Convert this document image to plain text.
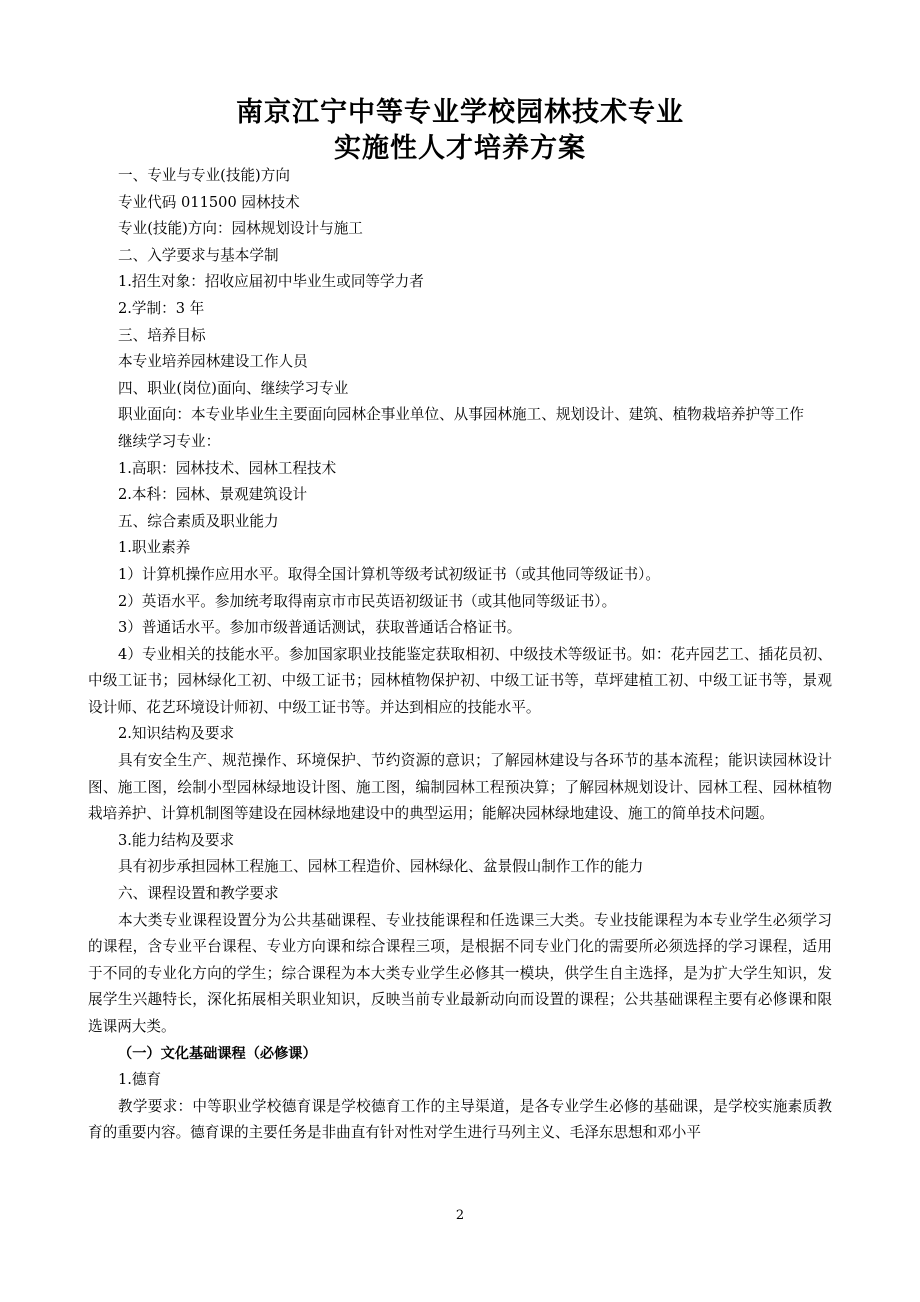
南京江宁中等专业学校园林技术专业
实施性人才培养方案

一、专业与专业(技能)方向

专业代码 011500 园林技术

专业(技能)方向：园林规划设计与施工

二、入学要求与基本学制

1.招生对象：招收应届初中毕业生或同等学力者

2.学制：3 年

三、培养目标

本专业培养园林建设工作人员

四、职业(岗位)面向、继续学习专业

职业面向：本专业毕业生主要面向园林企事业单位、从事园林施工、规划设计、建筑、植物栽培养护等工作

继续学习专业：

1.高职：园林技术、园林工程技术

2.本科：园林、景观建筑设计

五、综合素质及职业能力

1.职业素养

1）计算机操作应用水平。取得全国计算机等级考试初级证书（或其他同等级证书）。

2）英语水平。参加统考取得南京市市民英语初级证书（或其他同等级证书）。

3）普通话水平。参加市级普通话测试，获取普通话合格证书。

4）专业相关的技能水平。参加国家职业技能鉴定获取相初、中级技术等级证书。如：花卉园艺工、插花员初、中级工证书；园林绿化工初、中级工证书；园林植物保护初、中级工证书等，草坪建植工初、中级工证书等，景观设计师、花艺环境设计师初、中级工证书等。并达到相应的技能水平。

2.知识结构及要求

具有安全生产、规范操作、环境保护、节约资源的意识；了解园林建设与各环节的基本流程；能识读园林设计图、施工图，绘制小型园林绿地设计图、施工图，编制园林工程预决算；了解园林规划设计、园林工程、园林植物栽培养护、计算机制图等建设在园林绿地建设中的典型运用；能解决园林绿地建设、施工的简单技术问题。

3.能力结构及要求

具有初步承担园林工程施工、园林工程造价、园林绿化、盆景假山制作工作的能力

六、课程设置和教学要求

本大类专业课程设置分为公共基础课程、专业技能课程和任选课三大类。专业技能课程为本专业学生必须学习的课程，含专业平台课程、专业方向课和综合课程三项，是根据不同专业门化的需要所必须选择的学习课程，适用于不同的专业化方向的学生；综合课程为本大类专业学生必修其一模块，供学生自主选择，是为扩大学生知识，发展学生兴趣特长，深化拓展相关职业知识，反映当前专业最新动向而设置的课程；公共基础课程主要有必修课和限选课两大类。

（一）文化基础课程（必修课）

1.德育

教学要求：中等职业学校德育课是学校德育工作的主导渠道，是各专业学生必修的基础课，是学校实施素质教育的重要内容。德育课的主要任务是非曲直有针对性对学生进行马列主义、毛泽东思想和邓小平

2
